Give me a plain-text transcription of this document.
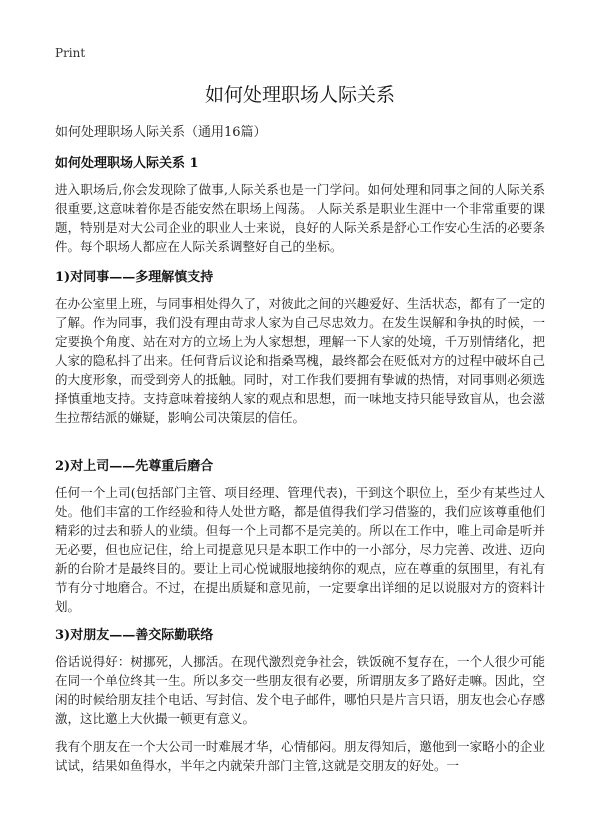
Print
如何处理职场人际关系
如何处理职场人际关系（通用16篇）
如何处理职场人际关系 1
进入职场后,你会发现除了做事,人际关系也是一门学问。如何处理和同事之间的人际关系很重要,这意味着你是否能安然在职场上闯荡。 人际关系是职业生涯中一个非常重要的课题，特别是对大公司企业的职业人士来说，良好的人际关系是舒心工作安心生活的必要条件。每个职场人都应在人际关系调整好自己的坐标。
1)对同事——多理解慎支持
在办公室里上班，与同事相处得久了，对彼此之间的兴趣爱好、生活状态，都有了一定的了解。作为同事，我们没有理由苛求人家为自己尽忠效力。在发生误解和争执的时候，一定要换个角度、站在对方的立场上为人家想想，理解一下人家的处境，千万别情绪化，把人家的隐私抖了出来。任何背后议论和指桑骂槐，最终都会在贬低对方的过程中破坏自己的大度形象，而受到旁人的抵触。同时，对工作我们要拥有挚诚的热情，对同事则必须选择慎重地支持。支持意味着接纳人家的观点和思想，而一味地支持只能导致盲从，也会滋生拉帮结派的嫌疑，影响公司决策层的信任。
2)对上司——先尊重后磨合
任何一个上司(包括部门主管、项目经理、管理代表)，干到这个职位上，至少有某些过人处。他们丰富的工作经验和待人处世方略，都是值得我们学习借鉴的，我们应该尊重他们精彩的过去和骄人的业绩。但每一个上司都不是完美的。所以在工作中，唯上司命是听并无必要，但也应记住，给上司提意见只是本职工作中的一小部分，尽力完善、改进、迈向新的台阶才是最终目的。要让上司心悦诚服地接纳你的观点，应在尊重的氛围里，有礼有节有分寸地磨合。不过，在提出质疑和意见前，一定要拿出详细的足以说服对方的资料计划。
3)对朋友——善交际勤联络
俗话说得好：树挪死，人挪活。在现代激烈竞争社会，铁饭碗不复存在，一个人很少可能在同一个单位终其一生。所以多交一些朋友很有必要，所谓朋友多了路好走嘛。因此，空闲的时候给朋友挂个电话、写封信、发个电子邮件，哪怕只是片言只语，朋友也会心存感激，这比邀上大伙撮一顿更有意义。
我有个朋友在一个大公司一时难展才华，心情郁闷。朋友得知后，邀他到一家略小的企业试试，结果如鱼得水，半年之内就荣升部门主管,这就是交朋友的好处。一
